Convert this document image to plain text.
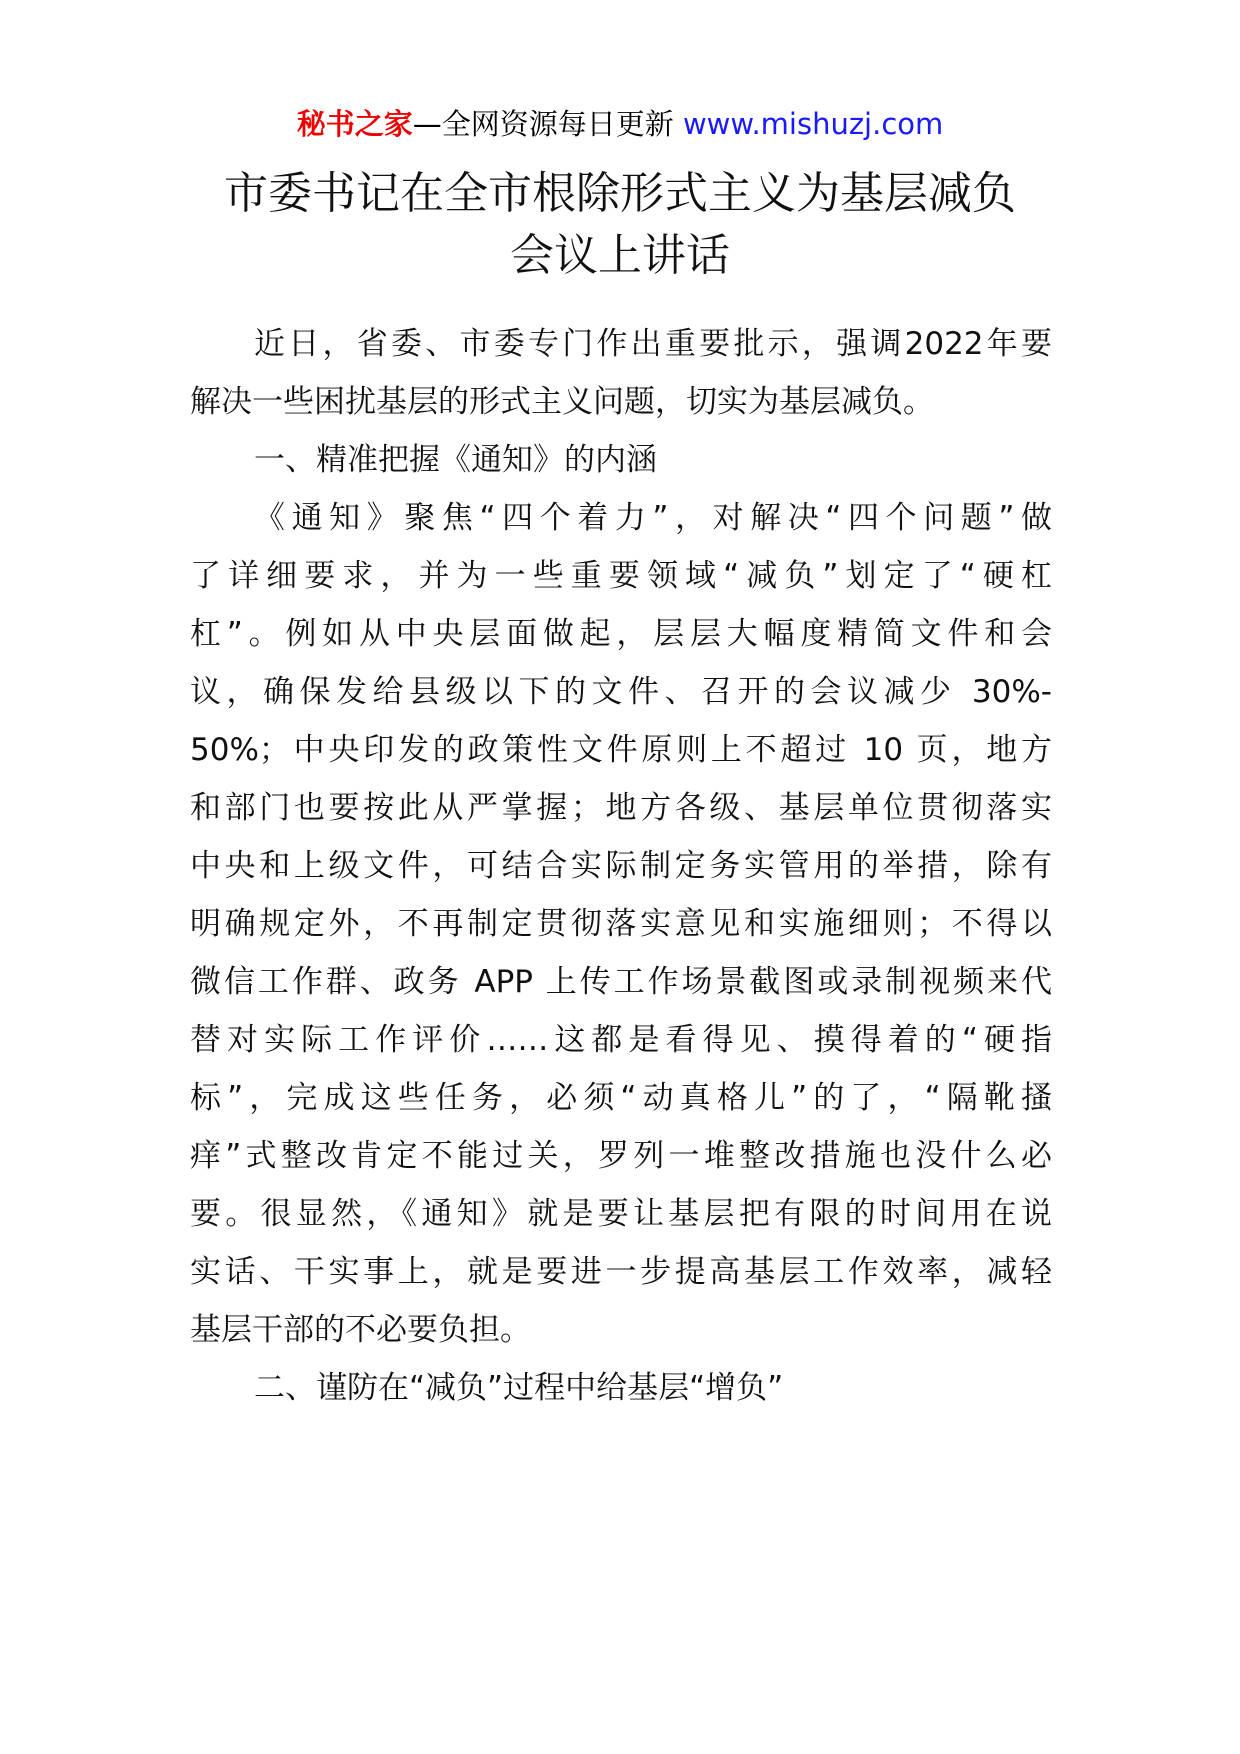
秘书之家—全网资源每日更新 www.mishuzj.com
市委书记在全市根除形式主义为基层减负
会议上讲话
近日，省委、市委专门作出重要批示，强调2022年要
解决一些困扰基层的形式主义问题，切实为基层减负。
一、精准把握《通知》的内涵
《通知》聚焦“四个着力”，对解决“四个问题”做
了详细要求，并为一些重要领域“减负”划定了“硬杠
杠”。例如从中央层面做起，层层大幅度精简文件和会
议，确保发给县级以下的文件、召开的会议减少 30%-
50%；中央印发的政策性文件原则上不超过 10 页，地方
和部门也要按此从严掌握；地方各级、基层单位贯彻落实
中央和上级文件，可结合实际制定务实管用的举措，除有
明确规定外，不再制定贯彻落实意见和实施细则；不得以
微信工作群、政务 APP 上传工作场景截图或录制视频来代
替对实际工作评价……这都是看得见、摸得着的“硬指
标”，完成这些任务，必须“动真格儿”的了，“隔靴搔
痒”式整改肯定不能过关，罗列一堆整改措施也没什么必
要。很显然，《通知》就是要让基层把有限的时间用在说
实话、干实事上，就是要进一步提高基层工作效率，减轻
基层干部的不必要负担。
二、谨防在“减负”过程中给基层“增负”
